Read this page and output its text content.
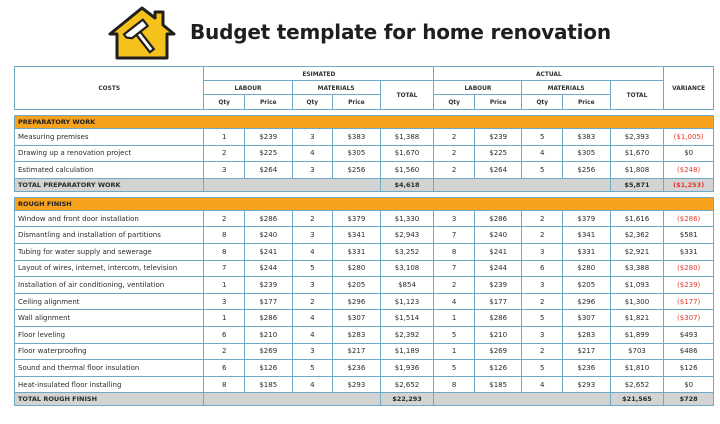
Budget template for home renovation
COSTS	ESIMATED					ACTUAL					VARIANCE
	LABOUR		MATERIALS		TOTAL	LABOUR		MATERIALS		TOTAL	
	Qty	Price	Qty	Price		Qty	Price	Qty	Price		

PREPARATORY WORK											
Measuring premises	1	$239	3	$383	$1,388	2	$239	5	$383	$2,393	($1,005)
Drawing up a renovation project	2	$225	4	$305	$1,670	2	$225	4	$305	$1,670	$0
Estimated calculation	3	$264	3	$256	$1,560	2	$264	5	$256	$1,808	($248)
TOTAL PREPARATORY WORK					$4,618					$5,871	($1,253)

ROUGH FINISH											
Window and front door installation	2	$286	2	$379	$1,330	3	$286	2	$379	$1,616	($286)
Dismantling and installation of partitions	8	$240	3	$341	$2,943	7	$240	2	$341	$2,362	$581
Tubing for water supply and sewerage	8	$241	4	$331	$3,252	8	$241	3	$331	$2,921	$331
Layout of wires, internet, intercom, television	7	$244	5	$280	$3,108	7	$244	6	$280	$3,388	($280)
Installation of air conditioning, ventilation	1	$239	3	$205	$854	2	$239	3	$205	$1,093	($239)
Ceiling alignment	3	$177	2	$296	$1,123	4	$177	2	$296	$1,300	($177)
Wall alignment	1	$286	4	$307	$1,514	1	$286	5	$307	$1,821	($307)
Floor leveling	6	$210	4	$283	$2,392	5	$210	3	$283	$1,899	$493
Floor waterproofing	2	$269	3	$217	$1,189	1	$269	2	$217	$703	$486
Sound and thermal floor insulation	6	$126	5	$236	$1,936	5	$126	5	$236	$1,810	$126
Heat-insulated floor installing	8	$185	4	$293	$2,652	8	$185	4	$293	$2,652	$0
TOTAL ROUGH FINISH					$22,293					$21,565	$728
